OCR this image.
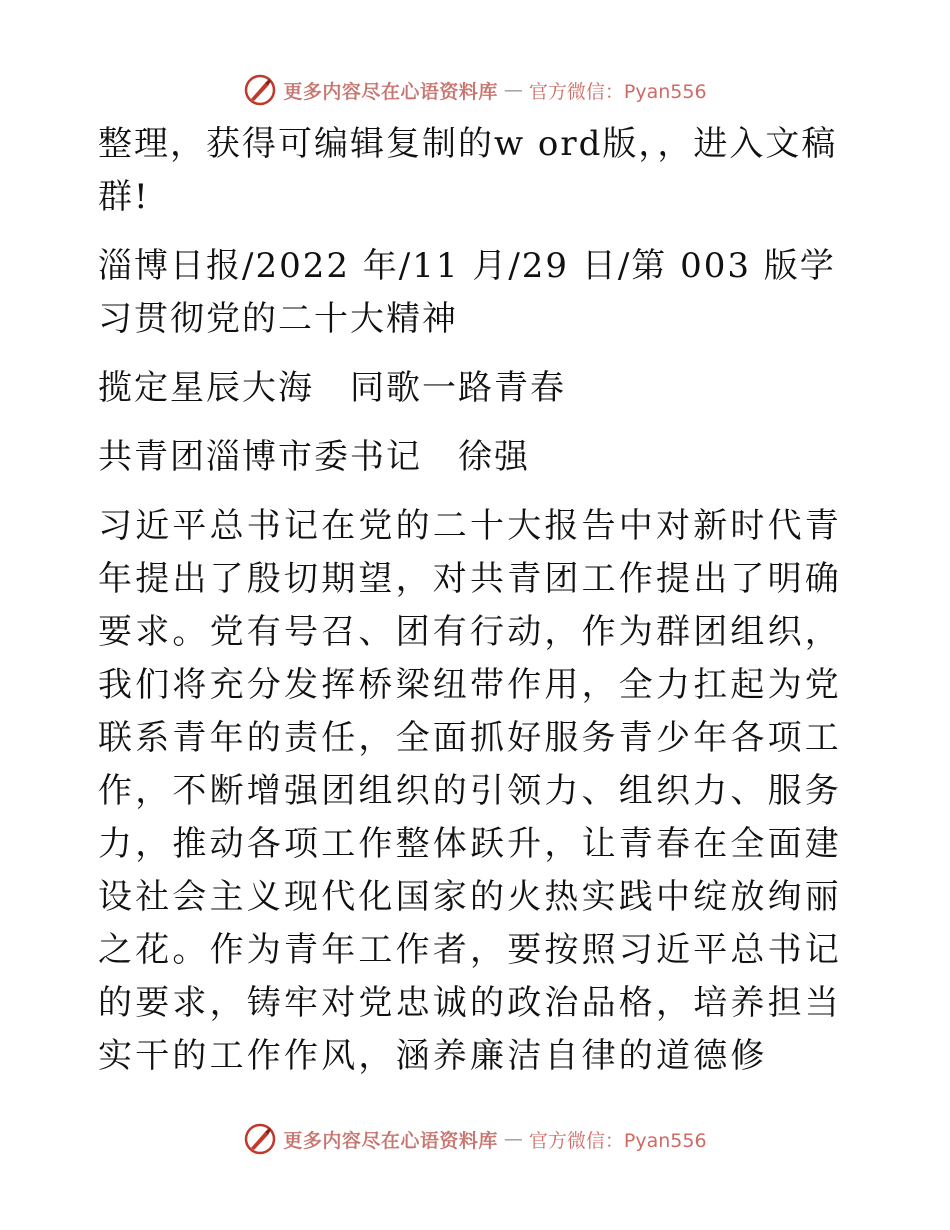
更多内容尽在心语资料库 — 官方微信：Pyan556

整理，获得可编辑复制的w ord版，，进入文稿群!

淄博日报/2022 年/11 月/29 日/第 003 版学习贯彻党的二十大精神

揽定星辰大海　同歌一路青春

共青团淄博市委书记　徐强

习近平总书记在党的二十大报告中对新时代青年提出了殷切期望，对共青团工作提出了明确要求。党有号召、团有行动，作为群团组织，我们将充分发挥桥梁纽带作用，全力扛起为党联系青年的责任，全面抓好服务青少年各项工作，不断增强团组织的引领力、组织力、服务力，推动各项工作整体跃升，让青春在全面建设社会主义现代化国家的火热实践中绽放绚丽之花。作为青年工作者，要按照习近平总书记的要求，铸牢对党忠诚的政治品格，培养担当实干的工作作风，涵养廉洁自律的道德修

更多内容尽在心语资料库 — 官方微信：Pyan556
